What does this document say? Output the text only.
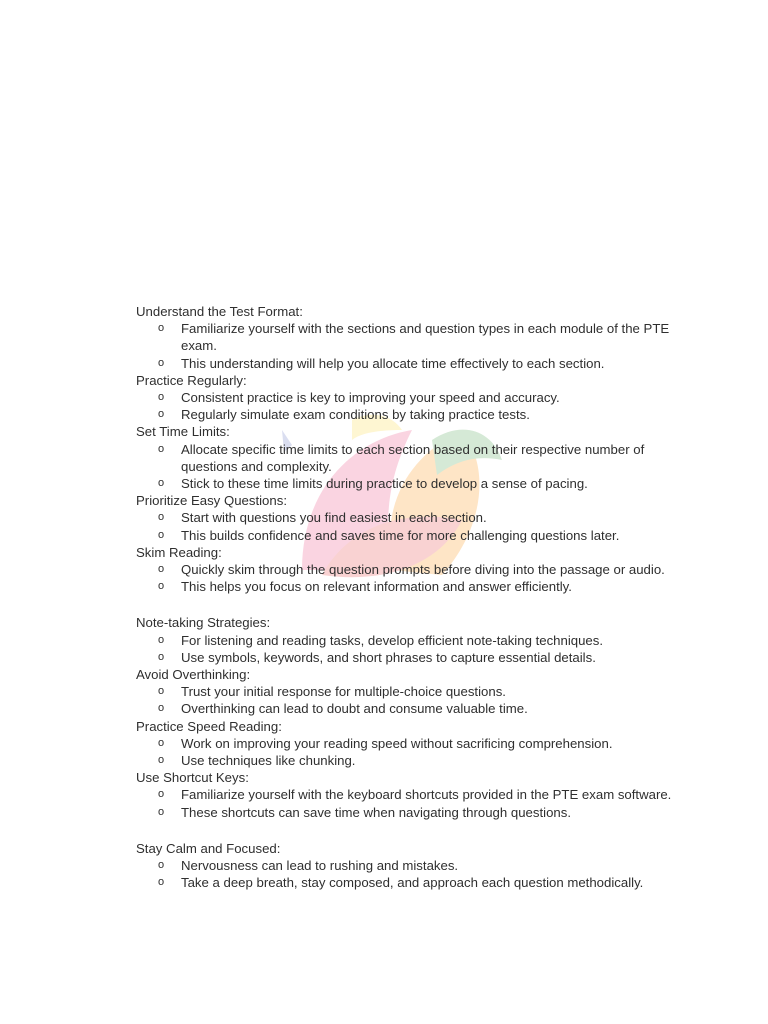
Understand the Test Format:
o Familiarize yourself with the sections and question types in each module of the PTE exam.
o This understanding will help you allocate time effectively to each section.
Practice Regularly:
o Consistent practice is key to improving your speed and accuracy.
o Regularly simulate exam conditions by taking practice tests.
Set Time Limits:
o Allocate specific time limits to each section based on their respective number of questions and complexity.
o Stick to these time limits during practice to develop a sense of pacing.
Prioritize Easy Questions:
o Start with questions you find easiest in each section.
o This builds confidence and saves time for more challenging questions later.
Skim Reading:
o Quickly skim through the question prompts before diving into the passage or audio.
o This helps you focus on relevant information and answer efficiently.
Note-taking Strategies:
o For listening and reading tasks, develop efficient note-taking techniques.
o Use symbols, keywords, and short phrases to capture essential details.
Avoid Overthinking:
o Trust your initial response for multiple-choice questions.
o Overthinking can lead to doubt and consume valuable time.
Practice Speed Reading:
o Work on improving your reading speed without sacrificing comprehension.
o Use techniques like chunking.
Use Shortcut Keys:
o Familiarize yourself with the keyboard shortcuts provided in the PTE exam software.
o These shortcuts can save time when navigating through questions.
Stay Calm and Focused:
o Nervousness can lead to rushing and mistakes.
o Take a deep breath, stay composed, and approach each question methodically.
